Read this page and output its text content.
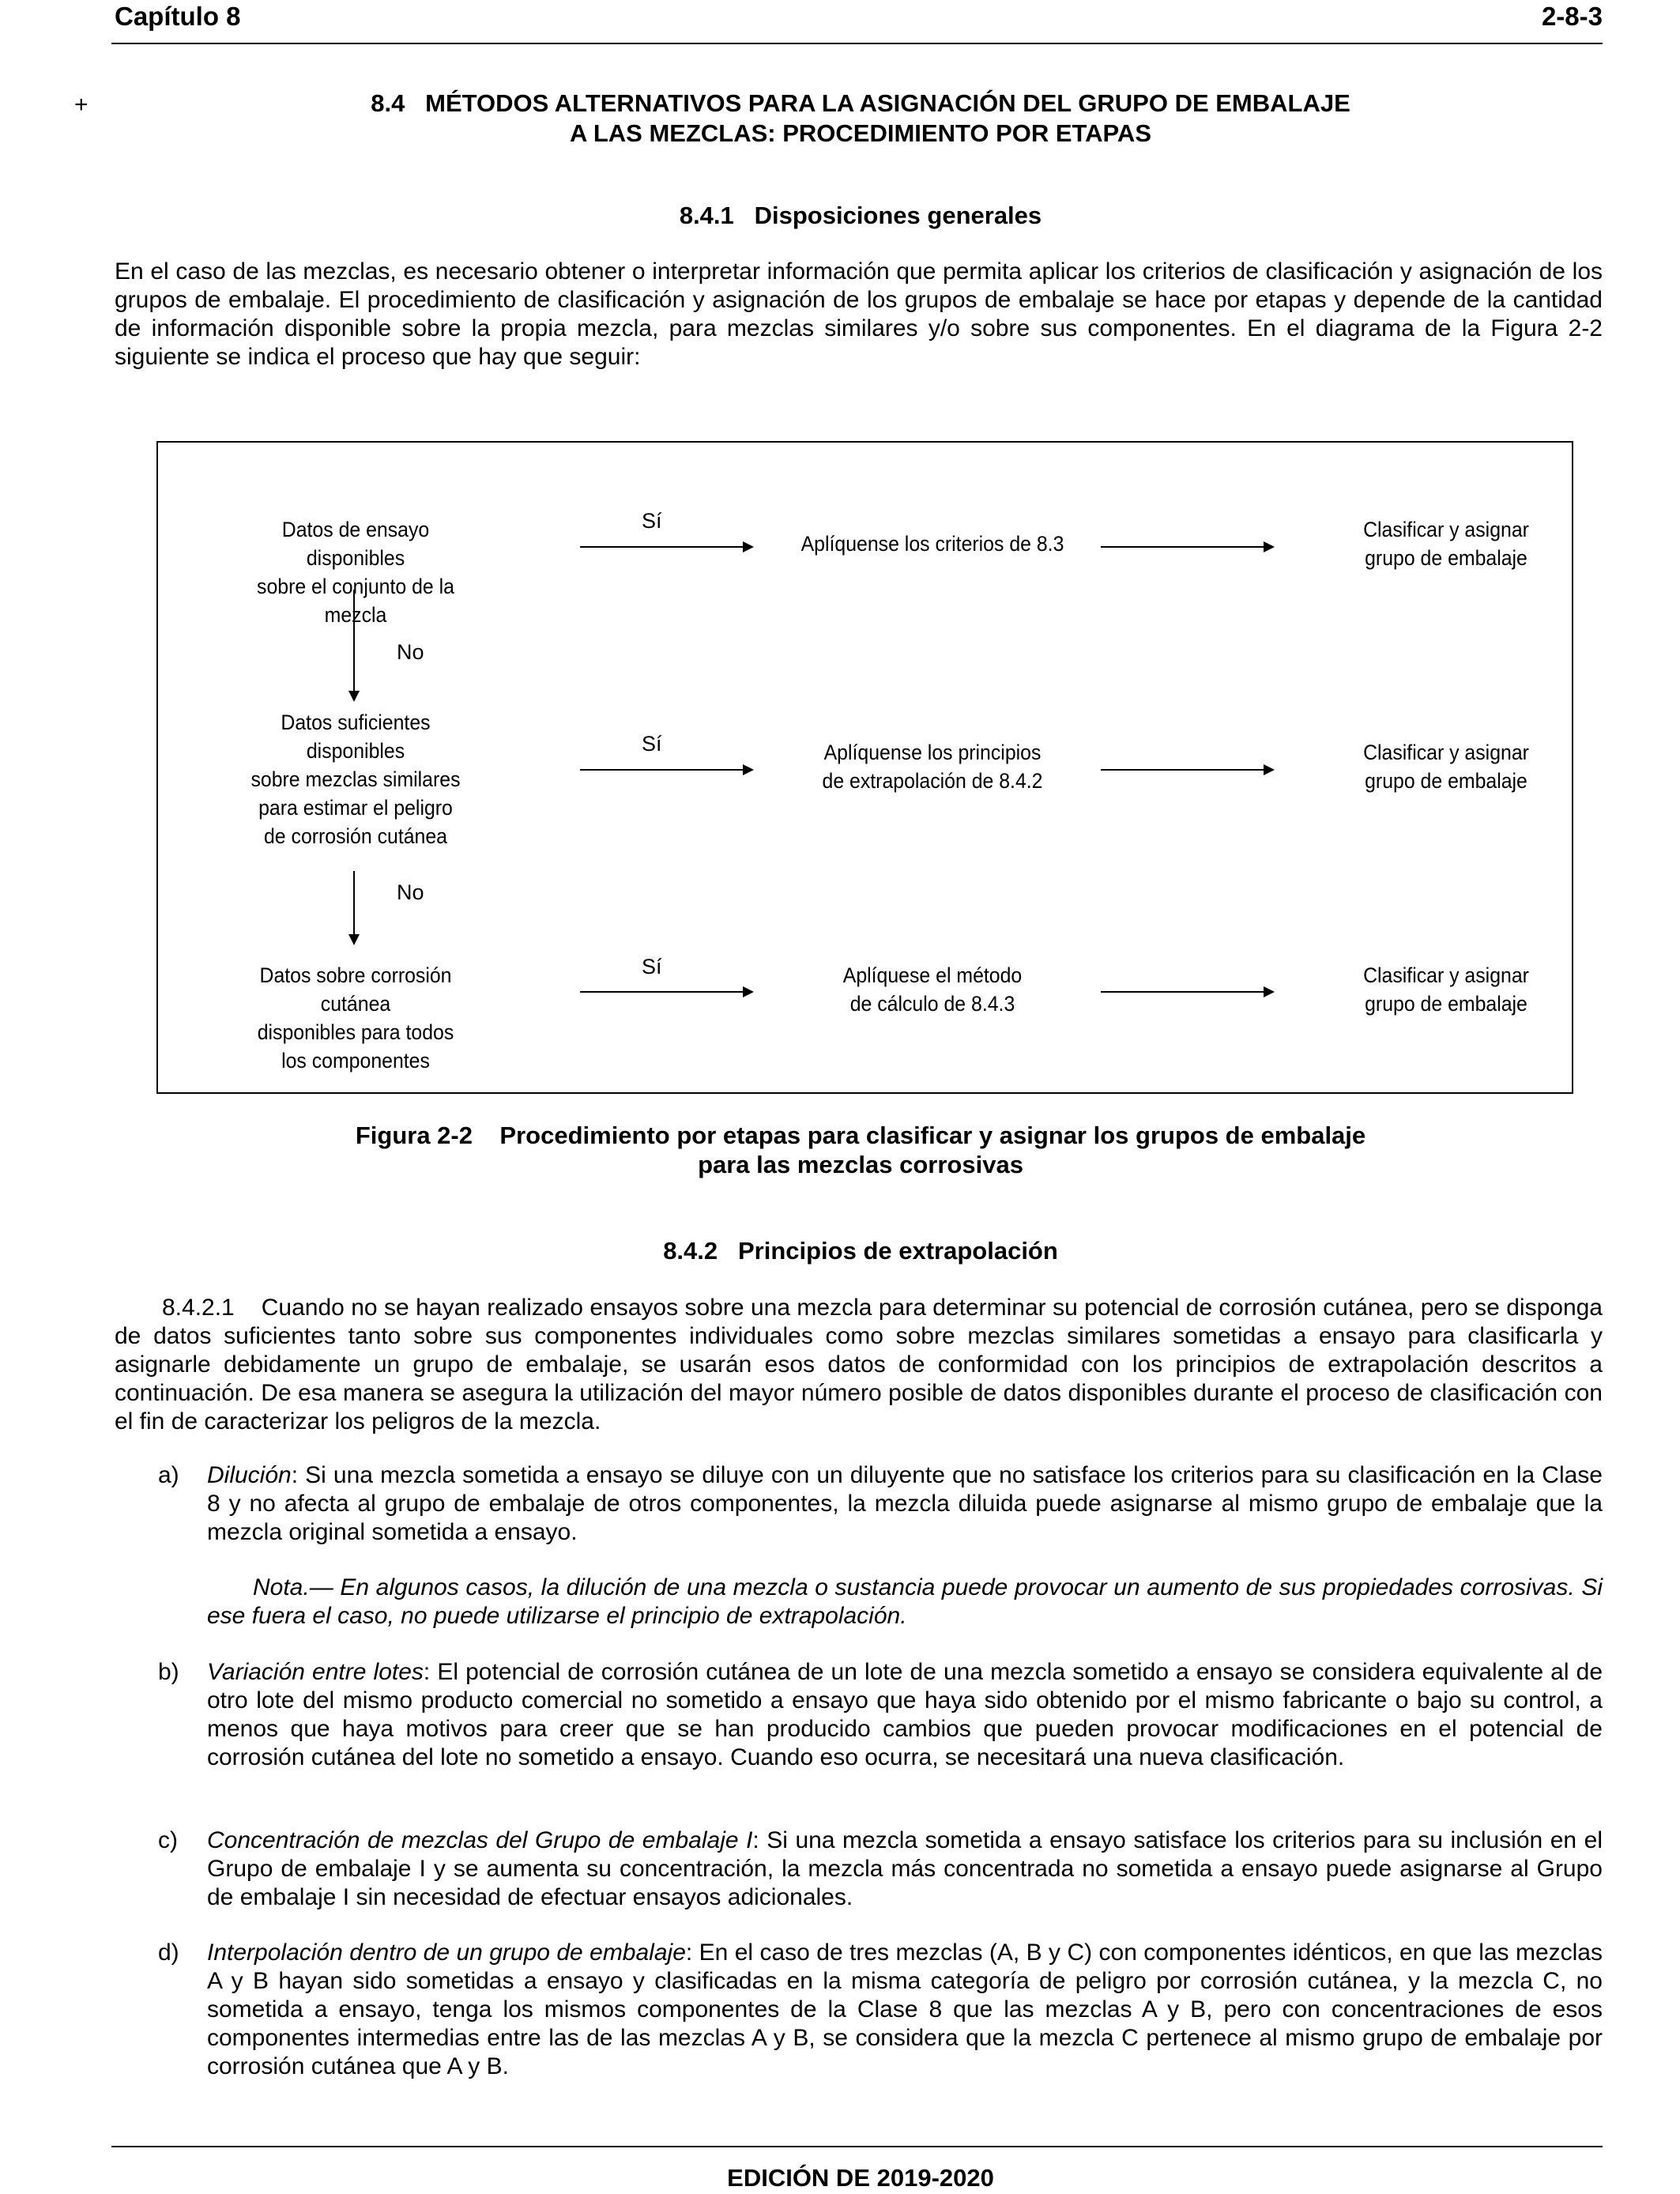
Capítulo 8	2-8-3
+	8.4   MÉTODOS ALTERNATIVOS PARA LA ASIGNACIÓN DEL GRUPO DE EMBALAJE
A LAS MEZCLAS: PROCEDIMIENTO POR ETAPAS
8.4.1   Disposiciones generales
En el caso de las mezclas, es necesario obtener o interpretar información que permita aplicar los criterios de clasificación y asignación de los grupos de embalaje. El procedimiento de clasificación y asignación de los grupos de embalaje se hace por etapas y depende de la cantidad de información disponible sobre la propia mezcla, para mezclas similares y/o sobre sus componentes. En el diagrama de la Figura 2-2 siguiente se indica el proceso que hay que seguir:
Datos de ensayo disponibles
sobre el conjunto de la mezcla
Sí
Aplíquense los criterios de 8.3
Clasificar y asignar
grupo de embalaje
No
Datos suficientes disponibles
sobre mezclas similares
para estimar el peligro
de corrosión cutánea
Sí	Aplíquense los principios
de extrapolación de 8.4.2
Clasificar y asignar
grupo de embalaje
No
Datos sobre corrosión cutánea
disponibles para todos
los componentes
Sí	Aplíquese el método
de cálculo de 8.4.3
Clasificar y asignar
grupo de embalaje
Figura 2-2    Procedimiento por etapas para clasificar y asignar los grupos de embalaje
para las mezclas corrosivas
8.4.2   Principios de extrapolación
8.4.2.1 Cuando no se hayan realizado ensayos sobre una mezcla para determinar su potencial de corrosión cutánea, pero se disponga de datos suficientes tanto sobre sus componentes individuales como sobre mezclas similares sometidas a ensayo para clasificarla y asignarle debidamente un grupo de embalaje, se usarán esos datos de conformidad con los principios de extrapolación descritos a continuación. De esa manera se asegura la utilización del mayor número posible de datos disponibles durante el proceso de clasificación con el fin de caracterizar los peligros de la mezcla.
a) Dilución: Si una mezcla sometida a ensayo se diluye con un diluyente que no satisface los criterios para su clasificación en la Clase 8 y no afecta al grupo de embalaje de otros componentes, la mezcla diluida puede asignarse al mismo grupo de embalaje que la mezcla original sometida a ensayo.
Nota.— En algunos casos, la dilución de una mezcla o sustancia puede provocar un aumento de sus propiedades corrosivas. Si ese fuera el caso, no puede utilizarse el principio de extrapolación.
b) Variación entre lotes: El potencial de corrosión cutánea de un lote de una mezcla sometido a ensayo se considera equivalente al de otro lote del mismo producto comercial no sometido a ensayo que haya sido obtenido por el mismo fabricante o bajo su control, a menos que haya motivos para creer que se han producido cambios que pueden provocar modificaciones en el potencial de corrosión cutánea del lote no sometido a ensayo. Cuando eso ocurra, se necesitará una nueva clasificación.
c) Concentración de mezclas del Grupo de embalaje I: Si una mezcla sometida a ensayo satisface los criterios para su inclusión en el Grupo de embalaje I y se aumenta su concentración, la mezcla más concentrada no sometida a ensayo puede asignarse al Grupo de embalaje I sin necesidad de efectuar ensayos adicionales.
d) Interpolación dentro de un grupo de embalaje: En el caso de tres mezclas (A, B y C) con componentes idénticos, en que las mezclas A y B hayan sido sometidas a ensayo y clasificadas en la misma categoría de peligro por corrosión cutánea, y la mezcla C, no sometida a ensayo, tenga los mismos componentes de la Clase 8 que las mezclas A y B, pero con concentraciones de esos componentes intermedias entre las de las mezclas A y B, se considera que la mezcla C pertenece al mismo grupo de embalaje por corrosión cutánea que A y B.
EDICIÓN DE 2019-2020
